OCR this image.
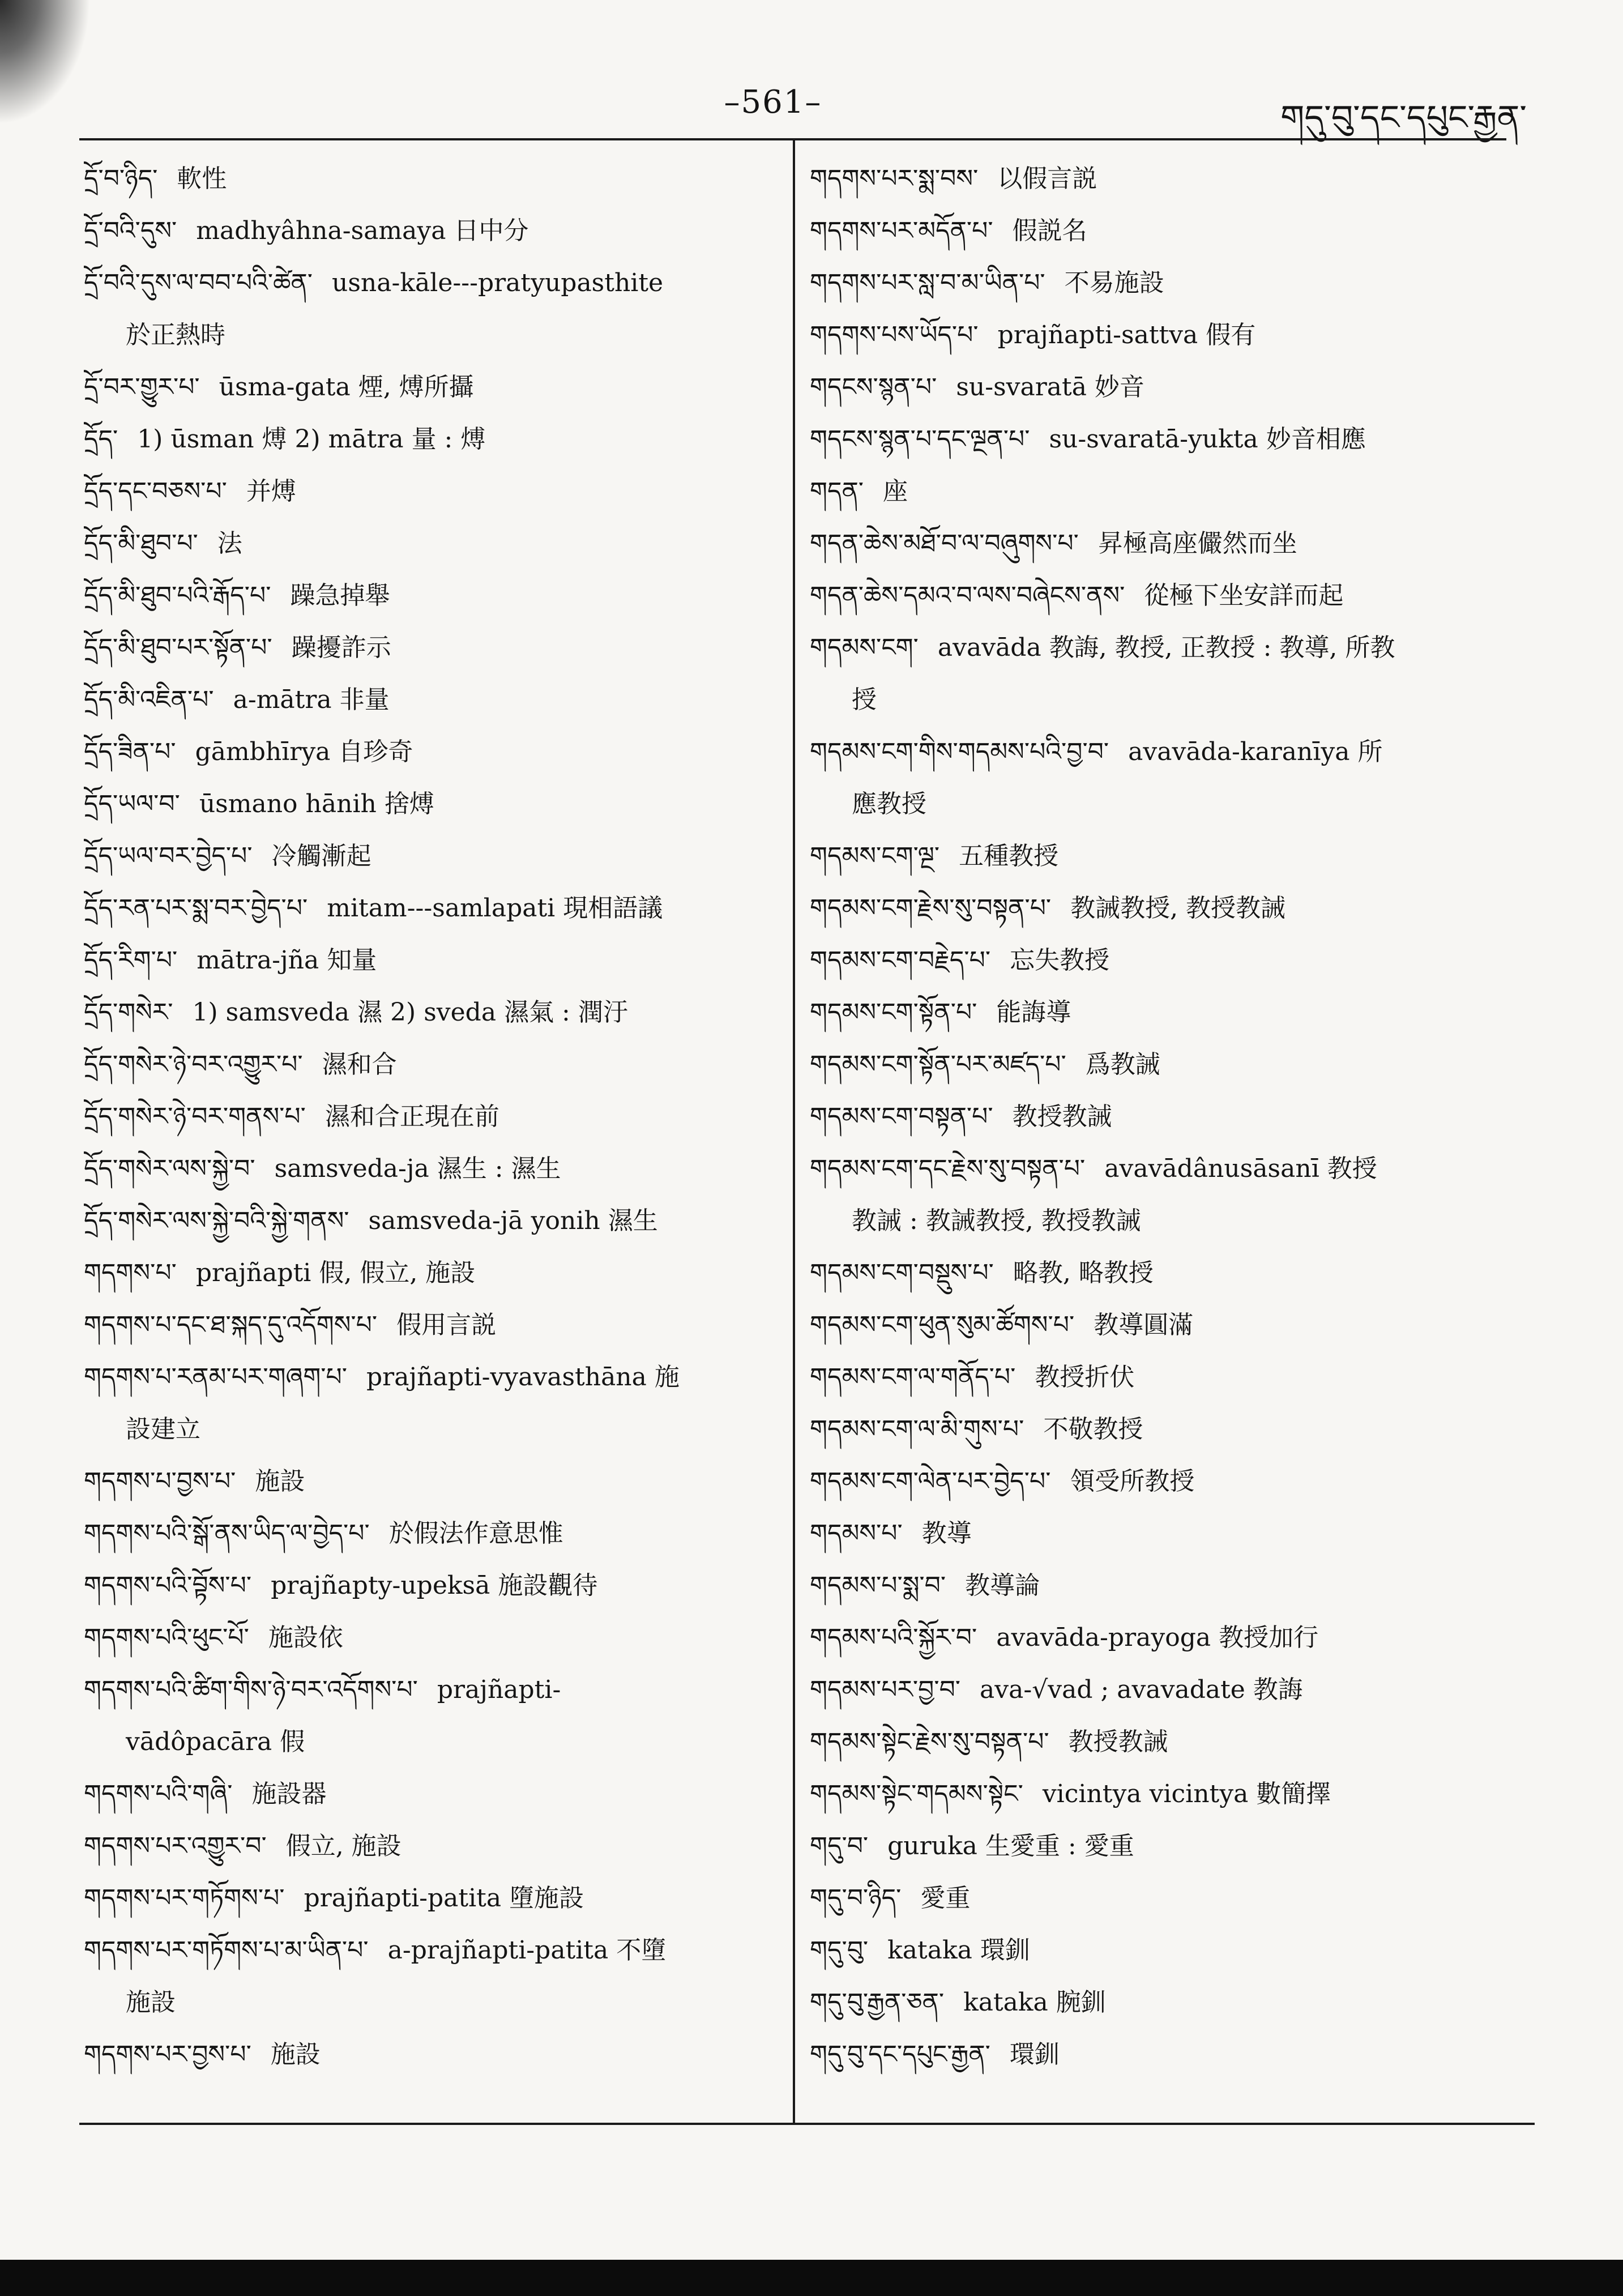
–561–	གདུ་བུ་དང་དཔུང་རྒྱན་
དྲོ་བ་ཉིད་ 軟性
དྲོ་བའི་དུས་ madhyâhna-samaya 日中分
དྲོ་བའི་དུས་ལ་བབ་པའི་ཚེན་ usna-kāle---pratyupasthite
於正熱時
དྲོ་བར་གྱུར་པ་ ūsma-gata 煙, 煿所攝
དྲོད་ 1) ūsman 煿 2) mātra 量 : 煿
དྲོད་དང་བཅས་པ་ 并煿
དྲོད་མི་ཐུབ་པ་ 法
དྲོད་མི་ཐུབ་པའི་རྒོད་པ་ 躁急掉舉
དྲོད་མི་ཐུབ་པར་སྟོན་པ་ 躁擾詐示
དྲོད་མི་འཇིན་པ་ a-mātra 非量
དྲོད་ཟིན་པ་ gāmbhīrya 自珍奇
དྲོད་ཡལ་བ་ ūsmano hānih 捨煿
དྲོད་ཡལ་བར་བྱེད་པ་ 冷觸漸起
དྲོད་རན་པར་སྨ་བར་བྱེད་པ་ mitam---samlapati 現相語議
དྲོད་རིག་པ་ mātra-jña 知量
དྲོད་གསེར་ 1) samsveda 濕 2) sveda 濕氣 : 潤汙
དྲོད་གསེར་ཉེ་བར་འགྱུར་པ་ 濕和合
དྲོད་གསེར་ཉེ་བར་གནས་པ་ 濕和合正現在前
དྲོད་གསེར་ལས་སྐྱེ་བ་ samsveda-ja 濕生 : 濕生
དྲོད་གསེར་ལས་སྐྱེ་བའི་སྐྱེ་གནས་ samsveda-jā yonih 濕生
གདགས་པ་ prajñapti 假, 假立, 施設
གདགས་པ་དང་ཐ་སྐད་དུ་འདོགས་པ་ 假用言説
གདགས་པ་རནམ་པར་གཞག་པ་ prajñapti-vyavasthāna 施
設建立
གདགས་པ་བྱས་པ་ 施設
གདགས་པའི་སྒོ་ནས་ཡིད་ལ་བྱེད་པ་ 於假法作意思惟
གདགས་པའི་བྟོས་པ་ prajñapty-upeksā 施設觀待
གདགས་པའི་ཕུང་པོ་ 施設依
གདགས་པའི་ཚིག་གིས་ཉེ་བར་འདོགས་པ་ prajñapti-
vādôpacāra 假
གདགས་པའི་གཞི་ 施設器
གདགས་པར་འགྱུར་བ་ 假立, 施設
གདགས་པར་གཏོགས་པ་ prajñapti-patita 墮施設
གདགས་པར་གཏོགས་པ་མ་ཡིན་པ་ a-prajñapti-patita 不墮
施設
གདགས་པར་བྱས་པ་ 施設
གདགས་པར་སྨ་བས་ 以假言説
གདགས་པར་མདོན་པ་ 假説名
གདགས་པར་སླ་བ་མ་ཡིན་པ་ 不易施設
གདགས་པས་ཡོད་པ་ prajñapti-sattva 假有
གདངས་སྙན་པ་ su-svaratā 妙音
གདངས་སྙན་པ་དང་ལྔན་པ་ su-svaratā-yukta 妙音相應
གདན་ 座
གདན་ཆེས་མཐོ་བ་ལ་བཞུགས་པ་ 昇極高座儼然而坐
གདན་ཆེས་དམའ་བ་ལས་བཞེངས་ནས་ 從極下坐安詳而起
གདམས་ངག་ avavāda 教誨, 教授, 正教授 : 教導, 所教
授
གདམས་ངག་གིས་གདམས་པའི་བྱ་བ་ avavāda-karanīya 所
應教授
གདམས་ངག་ལྔ་ 五種教授
གདམས་ངག་རྗེས་སུ་བསྟན་པ་ 教誡教授, 教授教誡
གདམས་ངག་བརྗེད་པ་ 忘失教授
གདམས་ངག་སྟོན་པ་ 能誨導
གདམས་ངག་སྟོན་པར་མཛད་པ་ 爲教誡
གདམས་ངག་བསྟན་པ་ 教授教誡
གདམས་ངག་དང་རྗེས་སུ་བསྟན་པ་ avavādânusāsanī 教授
教誡 : 教誡教授, 教授教誡
གདམས་ངག་བསྡུས་པ་ 略教, 略教授
གདམས་ངག་ཕུན་སུམ་ཚོགས་པ་ 教導圓滿
གདམས་ངག་ལ་གནོད་པ་ 教授折伏
གདམས་ངག་ལ་མི་གུས་པ་ 不敬教授
གདམས་ངག་ལེན་པར་བྱེད་པ་ 領受所教授
གདམས་པ་ 教導
གདམས་པ་སྨ་བ་ 教導論
གདམས་པའི་སྐྱོར་བ་ avavāda-prayoga 教授加行
གདམས་པར་བྱ་བ་ ava-√vad ; avavadate 教誨
གདམས་སྟེང་རྗེས་སུ་བསྟན་པ་ 教授教誡
གདམས་སྟེང་གདམས་སྟེང་ vicintya vicintya 數簡擇
གདུ་བ་ guruka 生愛重 : 愛重
གདུ་བ་ཉིད་ 愛重
གདུ་བུ་ kataka 環釧
གདུ་བུ་རྒྱན་ཅན་ kataka 腕釧
གདུ་བུ་དང་དཔུང་རྒྱན་ 環釧
